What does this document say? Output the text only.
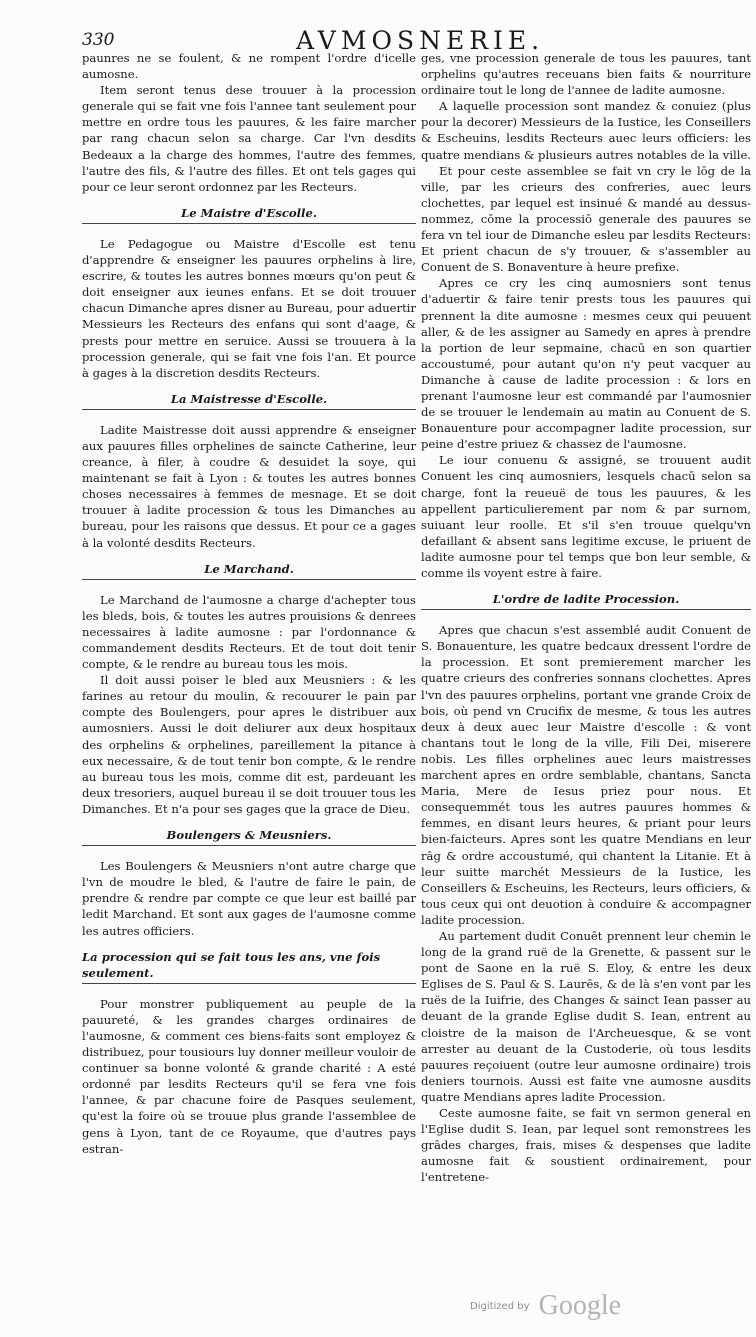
330	AVMOSNERIE.

paunres ne se foulent, & ne rompent l'ordre d'icelle aumosne.

Item seront tenus dese trouuer à la procession generale qui se fait vne fois l'annee tant seulement pour mettre en ordre tous les pauures, & les faire marcher par rang chacun selon sa charge. Car l'vn desdits Bedeaux a la charge des hommes, l'autre des femmes, l'autre des fils, & l'autre des filles. Et ont tels gages qui pour ce leur seront ordonnez par les Recteurs.

Le Maistre d'Escolle.

Le Pedagogue ou Maistre d'Escolle est tenu d'apprendre & enseigner les pauures orphelins à lire, escrire, & toutes les autres bonnes mœurs qu'on peut & doit enseigner aux ieunes enfans. Et se doit trouuer chacun Dimanche apres disner au Bureau, pour aduertir Messieurs les Recteurs des enfans qui sont d'aage, & prests pour mettre en seruice. Aussi se trouuera à la procession generale, qui se fait vne fois l'an. Et pource à gages à la discretion desdits Recteurs.

La Maistresse d'Escolle.

Ladite Maistresse doit aussi apprendre & enseigner aux pauures filles orphelines de saincte Catherine, leur creance, à filer, à coudre & desuidet la soye, qui maintenant se fait à Lyon : & toutes les autres bonnes choses necessaires à femmes de mesnage. Et se doit trouuer à ladite procession & tous les Dimanches au bureau, pour les raisons que dessus. Et pour ce a gages à la volonté desdits Recteurs.

Le Marchand.

Le Marchand de l'aumosne a charge d'achepter tous les bleds, bois, & toutes les autres prouisions & denrees necessaires à ladite aumosne : par l'ordonnance & commandement desdits Recteurs. Et de tout doit tenir compte, & le rendre au bureau tous les mois.

Il doit aussi poiser le bled aux Meusniers : & les farines au retour du moulin, & recouurer le pain par compte des Boulengers, pour apres le distribuer aux aumosniers. Aussi le doit deliurer aux deux hospitaux des orphelins & orphelines, pareillement la pitance à eux necessaire, & de tout tenir bon compte, & le rendre au bureau tous les mois, comme dit est, pardeuant les deux tresoriers, auquel bureau il se doit trouuer tous les Dimanches. Et n'a pour ses gages que la grace de Dieu.

Boulengers & Meusniers.

Les Boulengers & Meusniers n'ont autre charge que l'vn de moudre le bled, & l'autre de faire le pain, de prendre & rendre par compte ce que leur est baillé par ledit Marchand. Et sont aux gages de l'aumosne comme les autres officiers.

La procession qui se fait tous les ans, vne fois seulement.

Pour monstrer publiquement au peuple de la pauureté, & les grandes charges ordinaires de l'aumosne, & comment ces biens-faits sont employez & distribuez, pour tousiours luy donner meilleur vouloir de continuer sa bonne volonté & grande charité : A esté ordonné par lesdits Recteurs qu'il se fera vne fois l'annee, & par chacune foire de Pasques seulement, qu'est la foire où se trouue plus grande l'assemblee de gens à Lyon, tant de ce Royaume, que d'autres pays estran-

ges, vne procession generale de tous les pauures, tant orphelins qu'autres receuans bien faits & nourriture ordinaire tout le long de l'annee de ladite aumosne.

A laquelle procession sont mandez & conuiez (plus pour la decorer) Messieurs de la Iustice, les Conseillers & Escheuins, lesdits Recteurs auec leurs officiers: les quatre mendians & plusieurs autres notables de la ville.

Et pour ceste assemblee se fait vn cry le lōg de la ville, par les crieurs des confreries, auec leurs clochettes, par lequel est insinué & mandé au dessus-nommez, cōme la processiō generale des pauures se fera vn tel iour de Dimanche esleu par lesdits Recteurs: Et prient chacun de s'y trouuer, & s'assembler au Conuent de S. Bonaventure à heure prefixe.

Apres ce cry les cinq aumosniers sont tenus d'aduertir & faire tenir prests tous les pauures qui prennent la dite aumosne : mesmes ceux qui peuuent aller, & de les assigner au Samedy en apres à prendre la portion de leur sepmaine, chacū en son quartier accoustumé, pour autant qu'on n'y peut vacquer au Dimanche à cause de ladite procession : & lors en prenant l'aumosne leur est commandé par l'aumosnier de se trouuer le lendemain au matin au Conuent de S. Bonauenture pour accompagner ladite procession, sur peine d'estre priuez & chassez de l'aumosne.

Le iour conuenu & assigné, se trouuent audit Conuent les cinq aumosniers, lesquels chacū selon sa charge, font la reueuë de tous les pauures, & les appellent particulierement par nom & par surnom, suiuant leur roolle. Et s'il s'en trouue quelqu'vn defaillant & absent sans legitime excuse, le priuent de ladite aumosne pour tel temps que bon leur semble, & comme ils voyent estre à faire.

L'ordre de ladite Procession.

Apres que chacun s'est assemblé audit Conuent de S. Bonauenture, les quatre bedcaux dressent l'ordre de la procession. Et sont premierement marcher les quatre crieurs des confreries sonnans clochettes. Apres l'vn des pauures orphelins, portant vne grande Croix de bois, où pend vn Crucifix de mesme, & tous les autres deux à deux auec leur Maistre d'escolle : & vont chantans tout le long de la ville, Fili Dei, miserere nobis. Les filles orphelines auec leurs maistresses marchent apres en ordre semblable, chantans, Sancta Maria, Mere de Iesus priez pour nous. Et consequemmét tous les autres pauures hommes & femmes, en disant leurs heures, & priant pour leurs bien-faicteurs. Apres sont les quatre Mendians en leur rāg & ordre accoustumé, qui chantent la Litanie. Et à leur suitte marchét Messieurs de la Iustice, les Conseillers & Escheuins, les Recteurs, leurs officiers, & tous ceux qui ont deuotion à conduire & accompagner ladite procession.

Au partement dudit Conuēt prennent leur chemin le long de la grand ruë de la Grenette, & passent sur le pont de Saone en la ruë S. Eloy, & entre les deux Eglises de S. Paul & S. Laurēs, & de là s'en vont par les ruës de la Iuifrie, des Changes & sainct Iean passer au deuant de la grande Eglise dudit S. Iean, entrent au cloistre de la maison de l'Archeuesque, & se vont arrester au deuant de la Custoderie, où tous lesdits pauures reçoiuent (outre leur aumosne ordinaire) trois deniers tournois. Aussi est faite vne aumosne ausdits quatre Mendians apres ladite Procession.

Ceste aumosne faite, se fait vn sermon general en l'Eglise dudit S. Iean, par lequel sont remonstrees les grādes charges, frais, mises & despenses que ladite aumosne fait & soustient ordinairement, pour l'entretene-

Digitized by Google
